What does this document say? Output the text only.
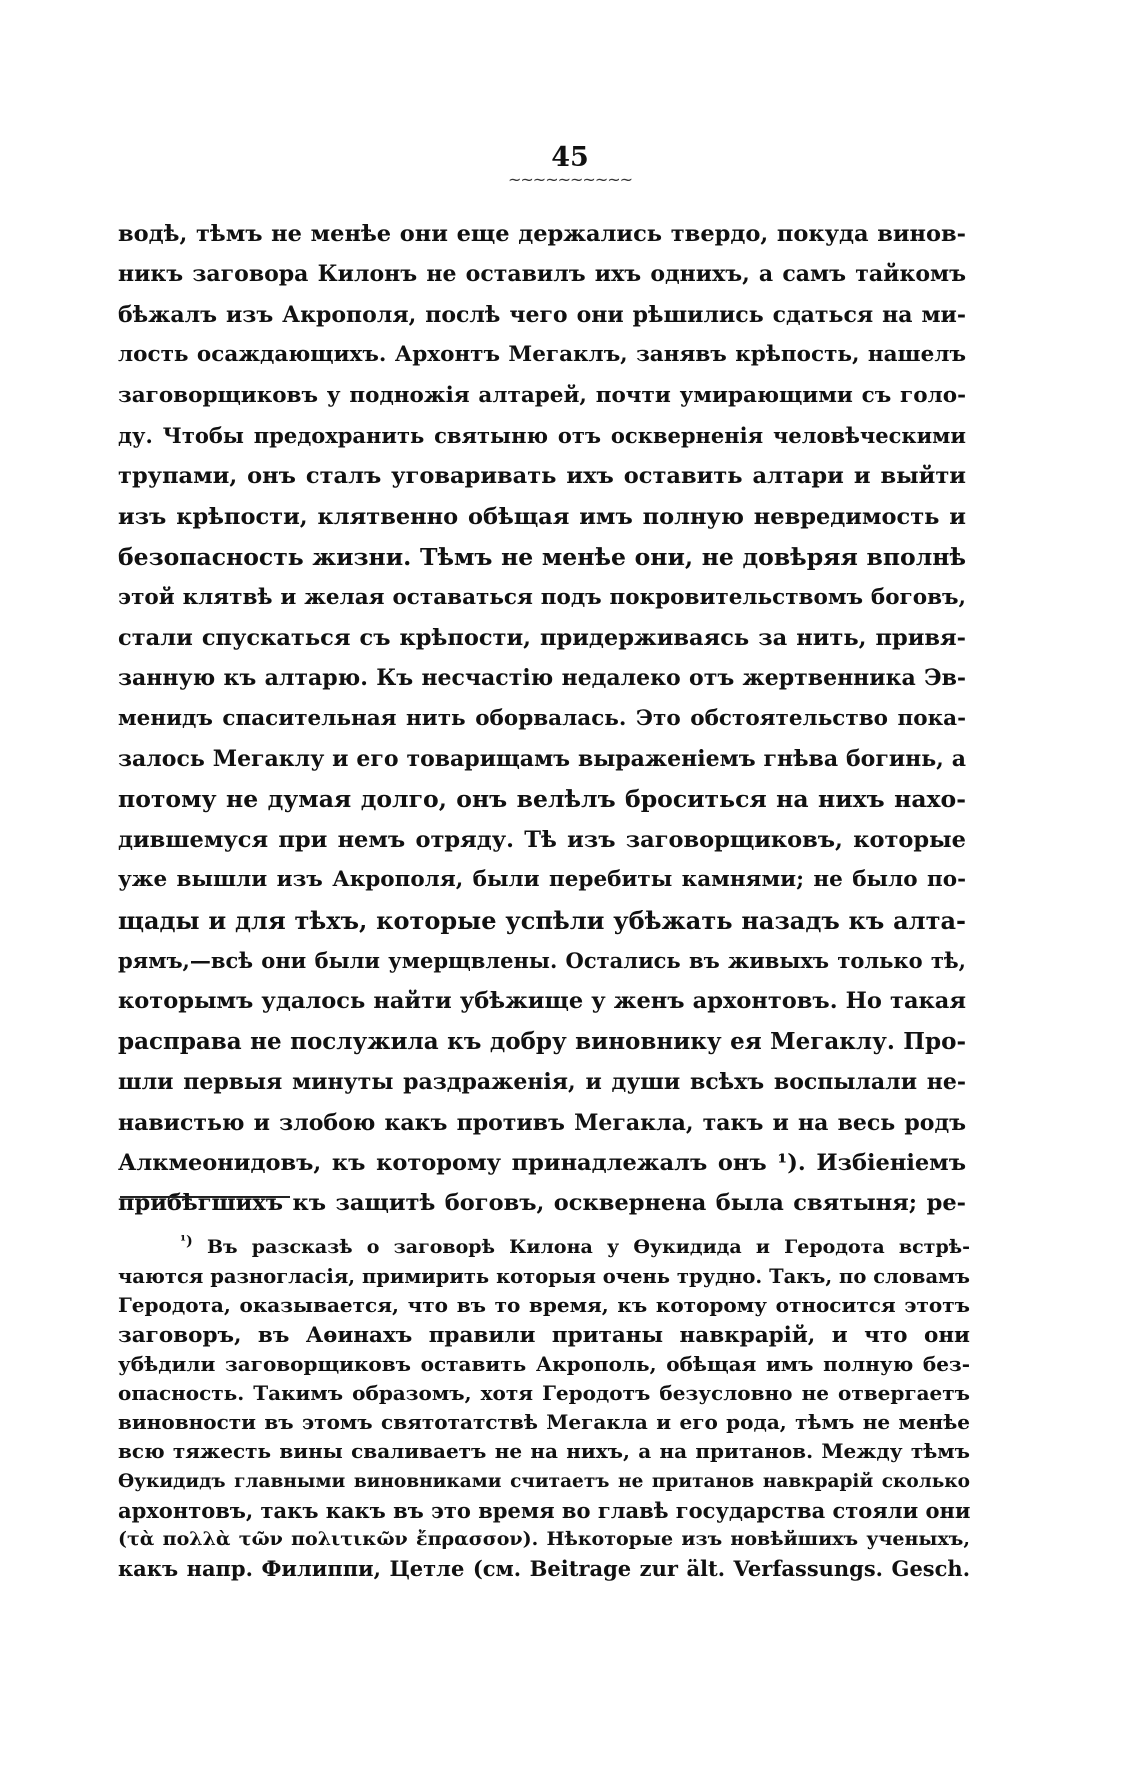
45
~~~~~~~~~~
водѣ, тѣмъ не менѣе они еще держались твердо, покуда винов-
никъ заговора Килонъ не оставилъ ихъ однихъ, а самъ тайкомъ
бѣжалъ изъ Акрополя, послѣ чего они рѣшились сдаться на ми-
лость осаждающихъ. Архонтъ Мегаклъ, занявъ крѣпость, нашелъ
заговорщиковъ у подножія алтарей, почти умирающими съ голо-
ду. Чтобы предохранить святыню отъ оскверненія человѣческими
трупами, онъ сталъ уговаривать ихъ оставить алтари и выйти
изъ крѣпости, клятвенно обѣщая имъ полную невредимость и
безопасность жизни. Тѣмъ не менѣе они, не довѣряя вполнѣ
этой клятвѣ и желая оставаться подъ покровительствомъ боговъ,
стали спускаться съ крѣпости, придерживаясь за нить, привя-
занную къ алтарю. Къ несчастію недалеко отъ жертвенника Эв-
менидъ спасительная нить оборвалась. Это обстоятельство пока-
залось Мегаклу и его товарищамъ выраженіемъ гнѣва богинь, а
потому не думая долго, онъ велѣлъ броситься на нихъ нахо-
дившемуся при немъ отряду. Тѣ изъ заговорщиковъ, которые
уже вышли изъ Акрополя, были перебиты камнями; не было по-
щады и для тѣхъ, которые успѣли убѣжать назадъ къ алта-
рямъ,—всѣ они были умерщвлены. Остались въ живыхъ только тѣ,
которымъ удалось найти убѣжище у женъ архонтовъ. Но такая
расправа не послужила къ добру виновнику ея Мегаклу. Про-
шли первыя минуты раздраженія, и души всѣхъ воспылали не-
навистью и злобою какъ противъ Мегакла, такъ и на весь родъ
Алкмеонидовъ, къ которому принадлежалъ онъ ¹). Избіеніемъ
прибѣгшихъ къ защитѣ боговъ, осквернена была святыня; ре-
$^{^1)}$ Въ разсказѣ о заговорѣ Килона у Ѳукидида и Геродота встрѣ-
чаются разногласія, примирить которыя очень трудно. Такъ, по словамъ
Геродота, оказывается, что въ то время, къ которому относится этотъ
заговоръ, въ Аѳинахъ правили пританы навкрарій, и что они
убѣдили заговорщиковъ оставить Акрополь, обѣщая имъ полную без-
опасность. Такимъ образомъ, хотя Геродотъ безусловно не отвергаетъ
виновности въ этомъ святотатствѣ Мегакла и его рода, тѣмъ не менѣе
всю тяжесть вины сваливаетъ не на нихъ, а на пританов. Между тѣмъ
Ѳукидидъ главными виновниками считаетъ не пританов навкрарій сколько
архонтовъ, такъ какъ въ это время во главѣ государства стояли они
(τὰ πολλὰ τῶν πολιτικῶν ἔπρασσον). Нѣкоторые изъ новѣйшихъ ученыхъ,
какъ напр. Филиппи, Цетле (см. Beitrage zur ält. Verfassungs. Gesch.
